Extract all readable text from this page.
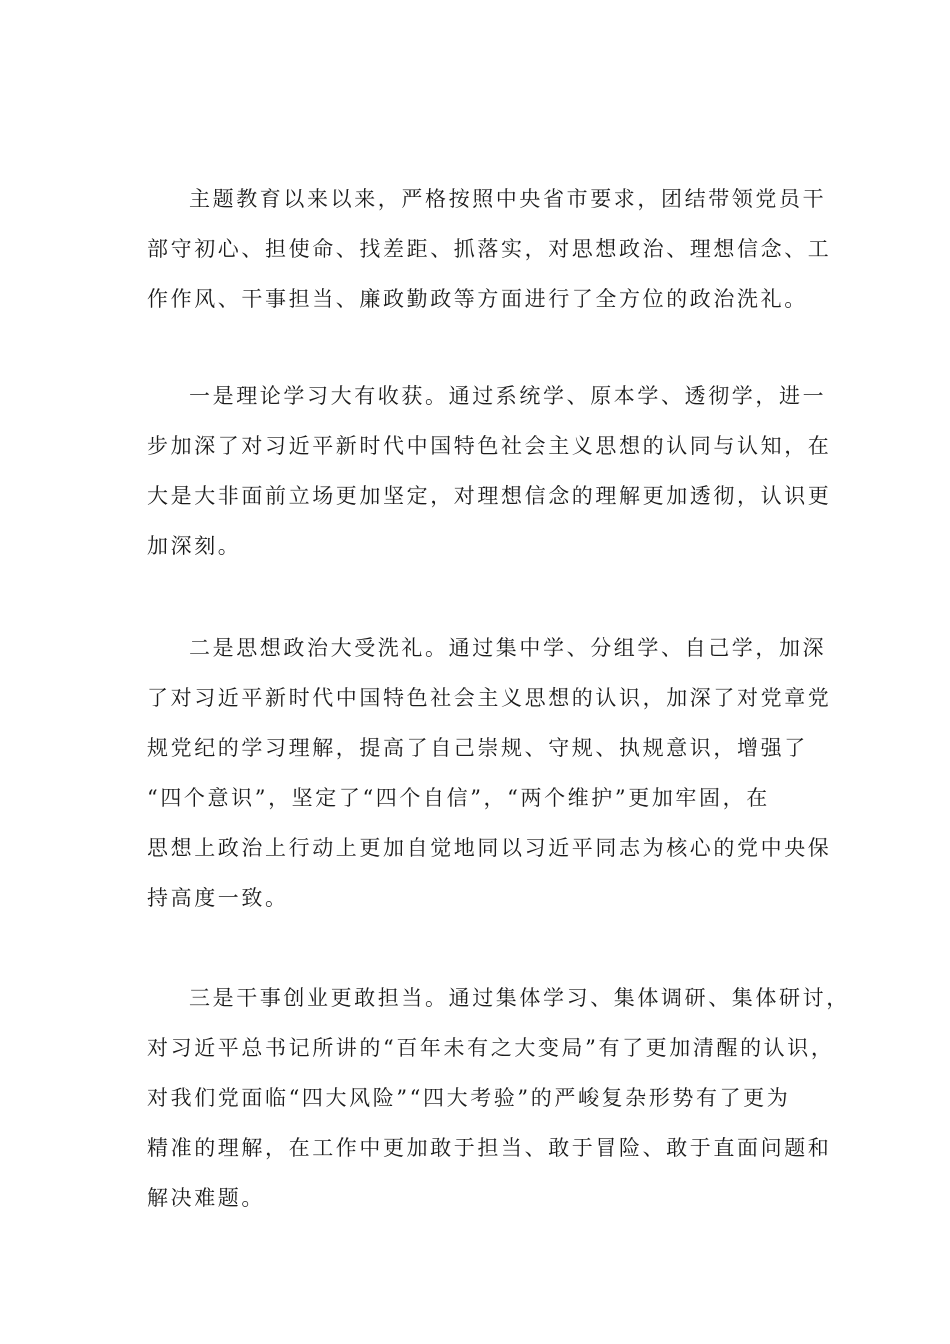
主题教育以来以来，严格按照中央省市要求，团结带领党员干
部守初心、担使命、找差距、抓落实，对思想政治、理想信念、工
作作风、干事担当、廉政勤政等方面进行了全方位的政治洗礼。

一是理论学习大有收获。通过系统学、原本学、透彻学，进一
步加深了对习近平新时代中国特色社会主义思想的认同与认知，在
大是大非面前立场更加坚定，对理想信念的理解更加透彻，认识更
加深刻。

二是思想政治大受洗礼。通过集中学、分组学、自己学，加深
了对习近平新时代中国特色社会主义思想的认识，加深了对党章党
规党纪的学习理解，提高了自己崇规、守规、执规意识，增强了
“四个意识”，坚定了“四个自信”，“两个维护”更加牢固，在
思想上政治上行动上更加自觉地同以习近平同志为核心的党中央保
持高度一致。

三是干事创业更敢担当。通过集体学习、集体调研、集体研讨，
对习近平总书记所讲的“百年未有之大变局”有了更加清醒的认识，
对我们党面临“四大风险”“四大考验”的严峻复杂形势有了更为
精准的理解，在工作中更加敢于担当、敢于冒险、敢于直面问题和
解决难题。
